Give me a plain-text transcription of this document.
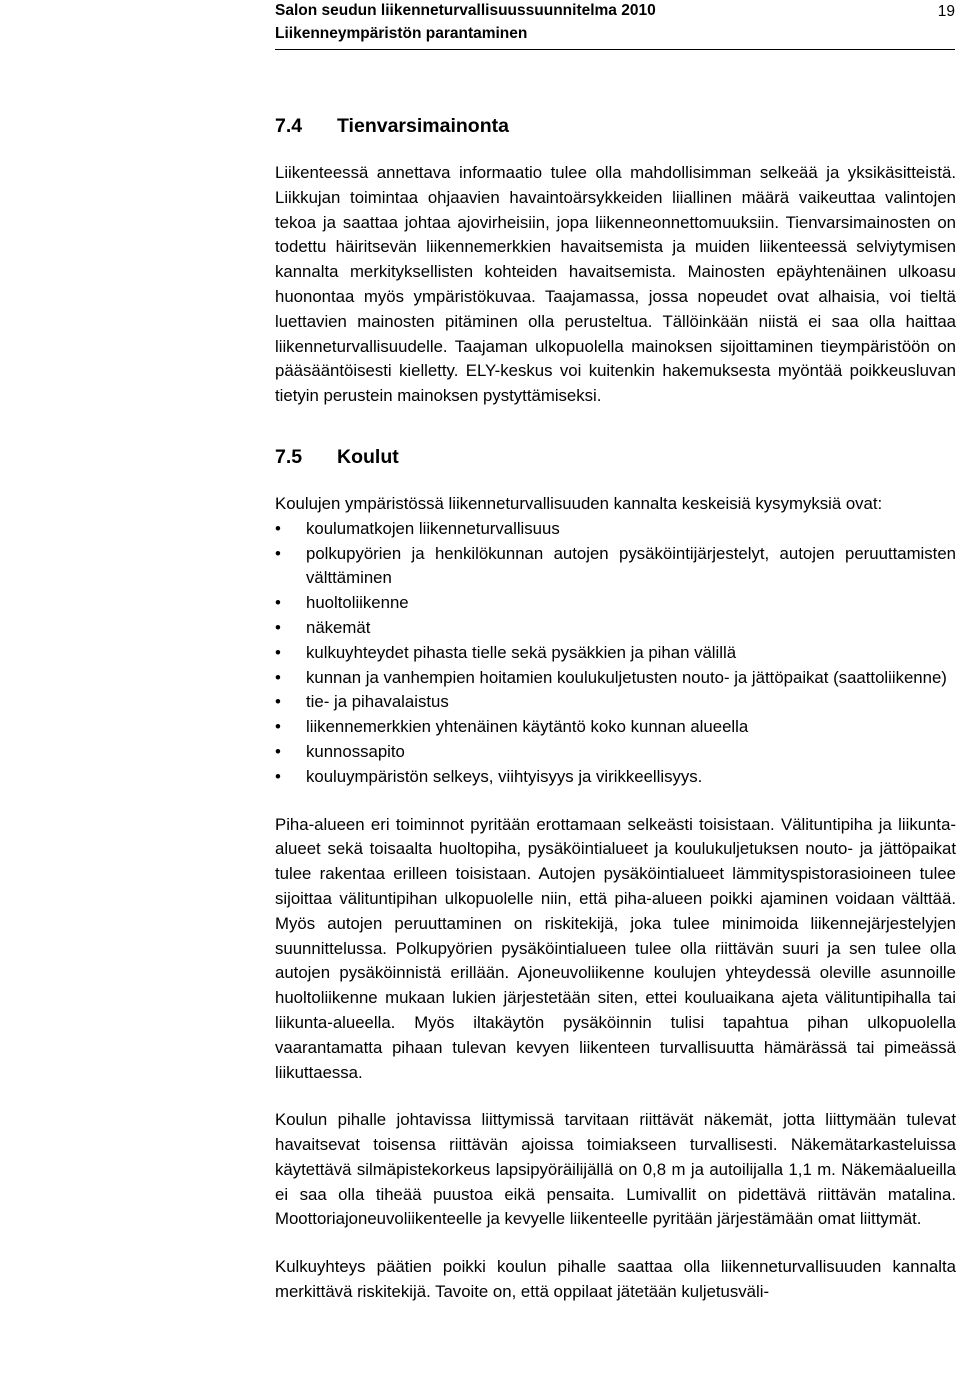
Salon seudun liikenneturvallisuussuunnitelma 2010
Liikenneympäristön parantaminen
19
7.4 Tienvarsimainonta

Liikenteessä annettava informaatio tulee olla mahdollisimman selkeää ja yksikäsitteistä. Liikkujan toimintaa ohjaavien havaintoärsykkeiden liiallinen määrä vaikeuttaa valintojen tekoa ja saattaa johtaa ajovirheisiin, jopa liikenneonnettomuuksiin. Tienvarsimainosten on todettu häiritsevän liikennemerkkien havaitsemista ja muiden liikenteessä selviytymisen kannalta merkityksellisten kohteiden havaitsemista. Mainosten epäyhtenäinen ulkoasu huonontaa myös ympäristökuvaa. Taajamassa, jossa nopeudet ovat alhaisia, voi tieltä luettavien mainosten pitäminen olla perusteltua. Tällöinkään niistä ei saa olla haittaa liikenneturvallisuudelle. Taajaman ulkopuolella mainoksen sijoittaminen tieympäristöön on pääsääntöisesti kielletty. ELY-keskus voi kuitenkin hakemuksesta myöntää poikkeusluvan tietyin perustein mainoksen pystyttämiseksi.

7.5 Koulut

Koulujen ympäristössä liikenneturvallisuuden kannalta keskeisiä kysymyksiä ovat:

• koulumatkojen liikenneturvallisuus
• polkupyörien ja henkilökunnan autojen pysäköintijärjestelyt, autojen peruuttamisten välttäminen
• huoltoliikenne
• näkemät
• kulkuyhteydet pihasta tielle sekä pysäkkien ja pihan välillä
• kunnan ja vanhempien hoitamien koulukuljetusten nouto- ja jättöpaikat (saattoliikenne)
• tie- ja pihavalaistus
• liikennemerkkien yhtenäinen käytäntö koko kunnan alueella
• kunnossapito
• kouluympäristön selkeys, viihtyisyys ja virikkeellisyys.

Piha-alueen eri toiminnot pyritään erottamaan selkeästi toisistaan. Välituntipiha ja liikunta-alueet sekä toisaalta huoltopiha, pysäköintialueet ja koulukuljetuksen nouto- ja jättöpaikat tulee rakentaa erilleen toisistaan. Autojen pysäköintialueet lämmityspistorasioineen tulee sijoittaa välituntipihan ulkopuolelle niin, että piha-alueen poikki ajaminen voidaan välttää. Myös autojen peruuttaminen on riskitekijä, joka tulee minimoida liikennejärjestelyjen suunnittelussa. Polkupyörien pysäköintialueen tulee olla riittävän suuri ja sen tulee olla autojen pysäköinnistä erillään. Ajoneuvoliikenne koulujen yhteydessä oleville asunnoille huoltoliikenne mukaan lukien järjestetään siten, ettei kouluaikana ajeta välituntipihalla tai liikunta-alueella. Myös iltakäytön pysäköinnin tulisi tapahtua pihan ulkopuolella vaarantamatta pihaan tulevan kevyen liikenteen turvallisuutta hämärässä tai pimeässä liikuttaessa.

Koulun pihalle johtavissa liittymissä tarvitaan riittävät näkemät, jotta liittymään tulevat havaitsevat toisensa riittävän ajoissa toimiakseen turvallisesti. Näkemätarkasteluissa käytettävä silmäpistekorkeus lapsipyöräilijällä on 0,8 m ja autoilijalla 1,1 m. Näkemäalueilla ei saa olla tiheää puustoa eikä pensaita. Lumivallit on pidettävä riittävän matalina. Moottoriajoneuvoliikenteelle ja kevyelle liikenteelle pyritään järjestämään omat liittymät.

Kulkuyhteys päätien poikki koulun pihalle saattaa olla liikenneturvallisuuden kannalta merkittävä riskitekijä. Tavoite on, että oppilaat jätetään kuljetusväli-
